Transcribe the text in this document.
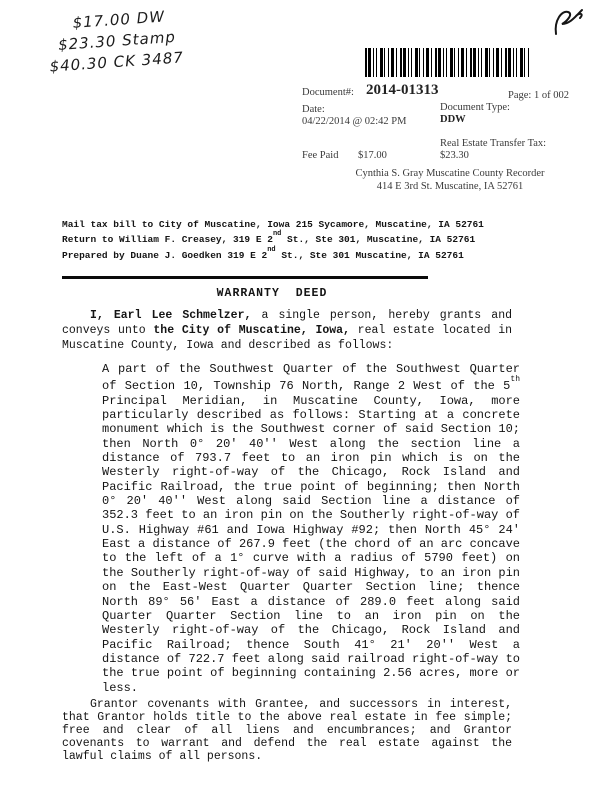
$17.00 DW
$23.30 Stamp
$40.30 CK 3487
Document#: 2014-01313	Page: 1 of 002
Date:
04/22/2014 @ 02:42 PM
Document Type:
DDW
Real Estate Transfer Tax:
$23.30
Fee Paid $17.00
Cynthia S. Gray Muscatine County Recorder
414 E 3rd St. Muscatine, IA 52761
Mail tax bill to City of Muscatine, Iowa 215 Sycamore, Muscatine, IA 52761
Return to William F. Creasey, 319 E 2nd St., Ste 301, Muscatine, IA 52761
Prepared by Duane J. Goedken 319 E 2nd St., Ste 301 Muscatine, IA 52761
WARRANTY DEED

I, Earl Lee Schmelzer, a single person, hereby grants and conveys unto the City of Muscatine, Iowa, real estate located in Muscatine County, Iowa and described as follows:

A part of the Southwest Quarter of the Southwest Quarter of Section 10, Township 76 North, Range 2 West of the 5th Principal Meridian, in Muscatine County, Iowa, more particularly described as follows: Starting at a concrete monument which is the Southwest corner of said Section 10; then North 0° 20' 40'' West along the section line a distance of 793.7 feet to an iron pin which is on the Westerly right-of-way of the Chicago, Rock Island and Pacific Railroad, the true point of beginning; then North 0° 20' 40'' West along said Section line a distance of 352.3 feet to an iron pin on the Southerly right-of-way of U.S. Highway #61 and Iowa Highway #92; then North 45° 24' East a distance of 267.9 feet (the chord of an arc concave to the left of a 1° curve with a radius of 5790 feet) on the Southerly right-of-way of said Highway, to an iron pin on the East-West Quarter Quarter Section line; thence North 89° 56' East a distance of 289.0 feet along said Quarter Quarter Section line to an iron pin on the Westerly right-of-way of the Chicago, Rock Island and Pacific Railroad; thence South 41° 21' 20'' West a distance of 722.7 feet along said railroad right-of-way to the true point of beginning containing 2.56 acres, more or less.

Grantor covenants with Grantee, and successors in interest, that Grantor holds title to the above real estate in fee simple; free and clear of all liens and encumbrances; and Grantor covenants to warrant and defend the real estate against the lawful claims of all persons.
